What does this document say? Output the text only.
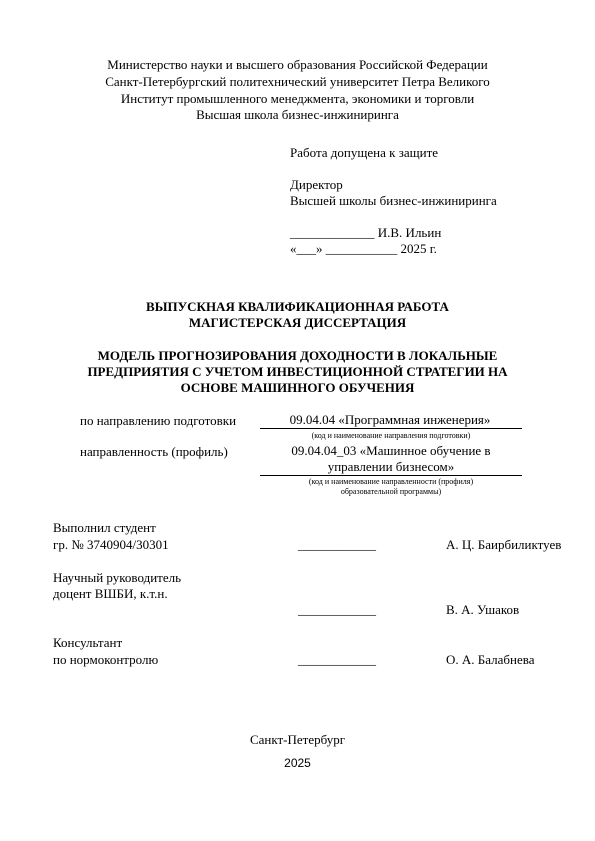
Министерство науки и высшего образования Российской Федерации
Санкт-Петербургский политехнический университет Петра Великого
Институт промышленного менеджмента, экономики и торговли
Высшая школа бизнес-инжиниринга
Работа допущена к защите
Директор
Высшей школы бизнес-инжиниринга
_____________ И.В. Ильин
«___» ___________ 2025 г.
ВЫПУСКНАЯ КВАЛИФИКАЦИОННАЯ РАБОТА
МАГИСТЕРСКАЯ ДИССЕРТАЦИЯ
МОДЕЛЬ ПРОГНОЗИРОВАНИЯ ДОХОДНОСТИ В ЛОКАЛЬНЫЕ
ПРЕДПРИЯТИЯ С УЧЕТОМ ИНВЕСТИЦИОННОЙ СТРАТЕГИИ НА
ОСНОВЕ МАШИННОГО ОБУЧЕНИЯ
по направлению подготовки	09.04.04 «Программная инженерия»
(код и наименование направления подготовки)
направленность (профиль)	09.04.04_03 «Машинное обучение в
управлении бизнесом»
(код и наименование направленности (профиля)
образовательной программы)
Выполнил студент
гр. № 3740904/30301	____________	А. Ц. Баирбиликтуев
Научный руководитель
доцент ВШБИ, к.т.н.
____________	В. А. Ушаков
Консультант
по нормоконтролю	____________	О. А. Балабнева
Санкт-Петербург
2025
